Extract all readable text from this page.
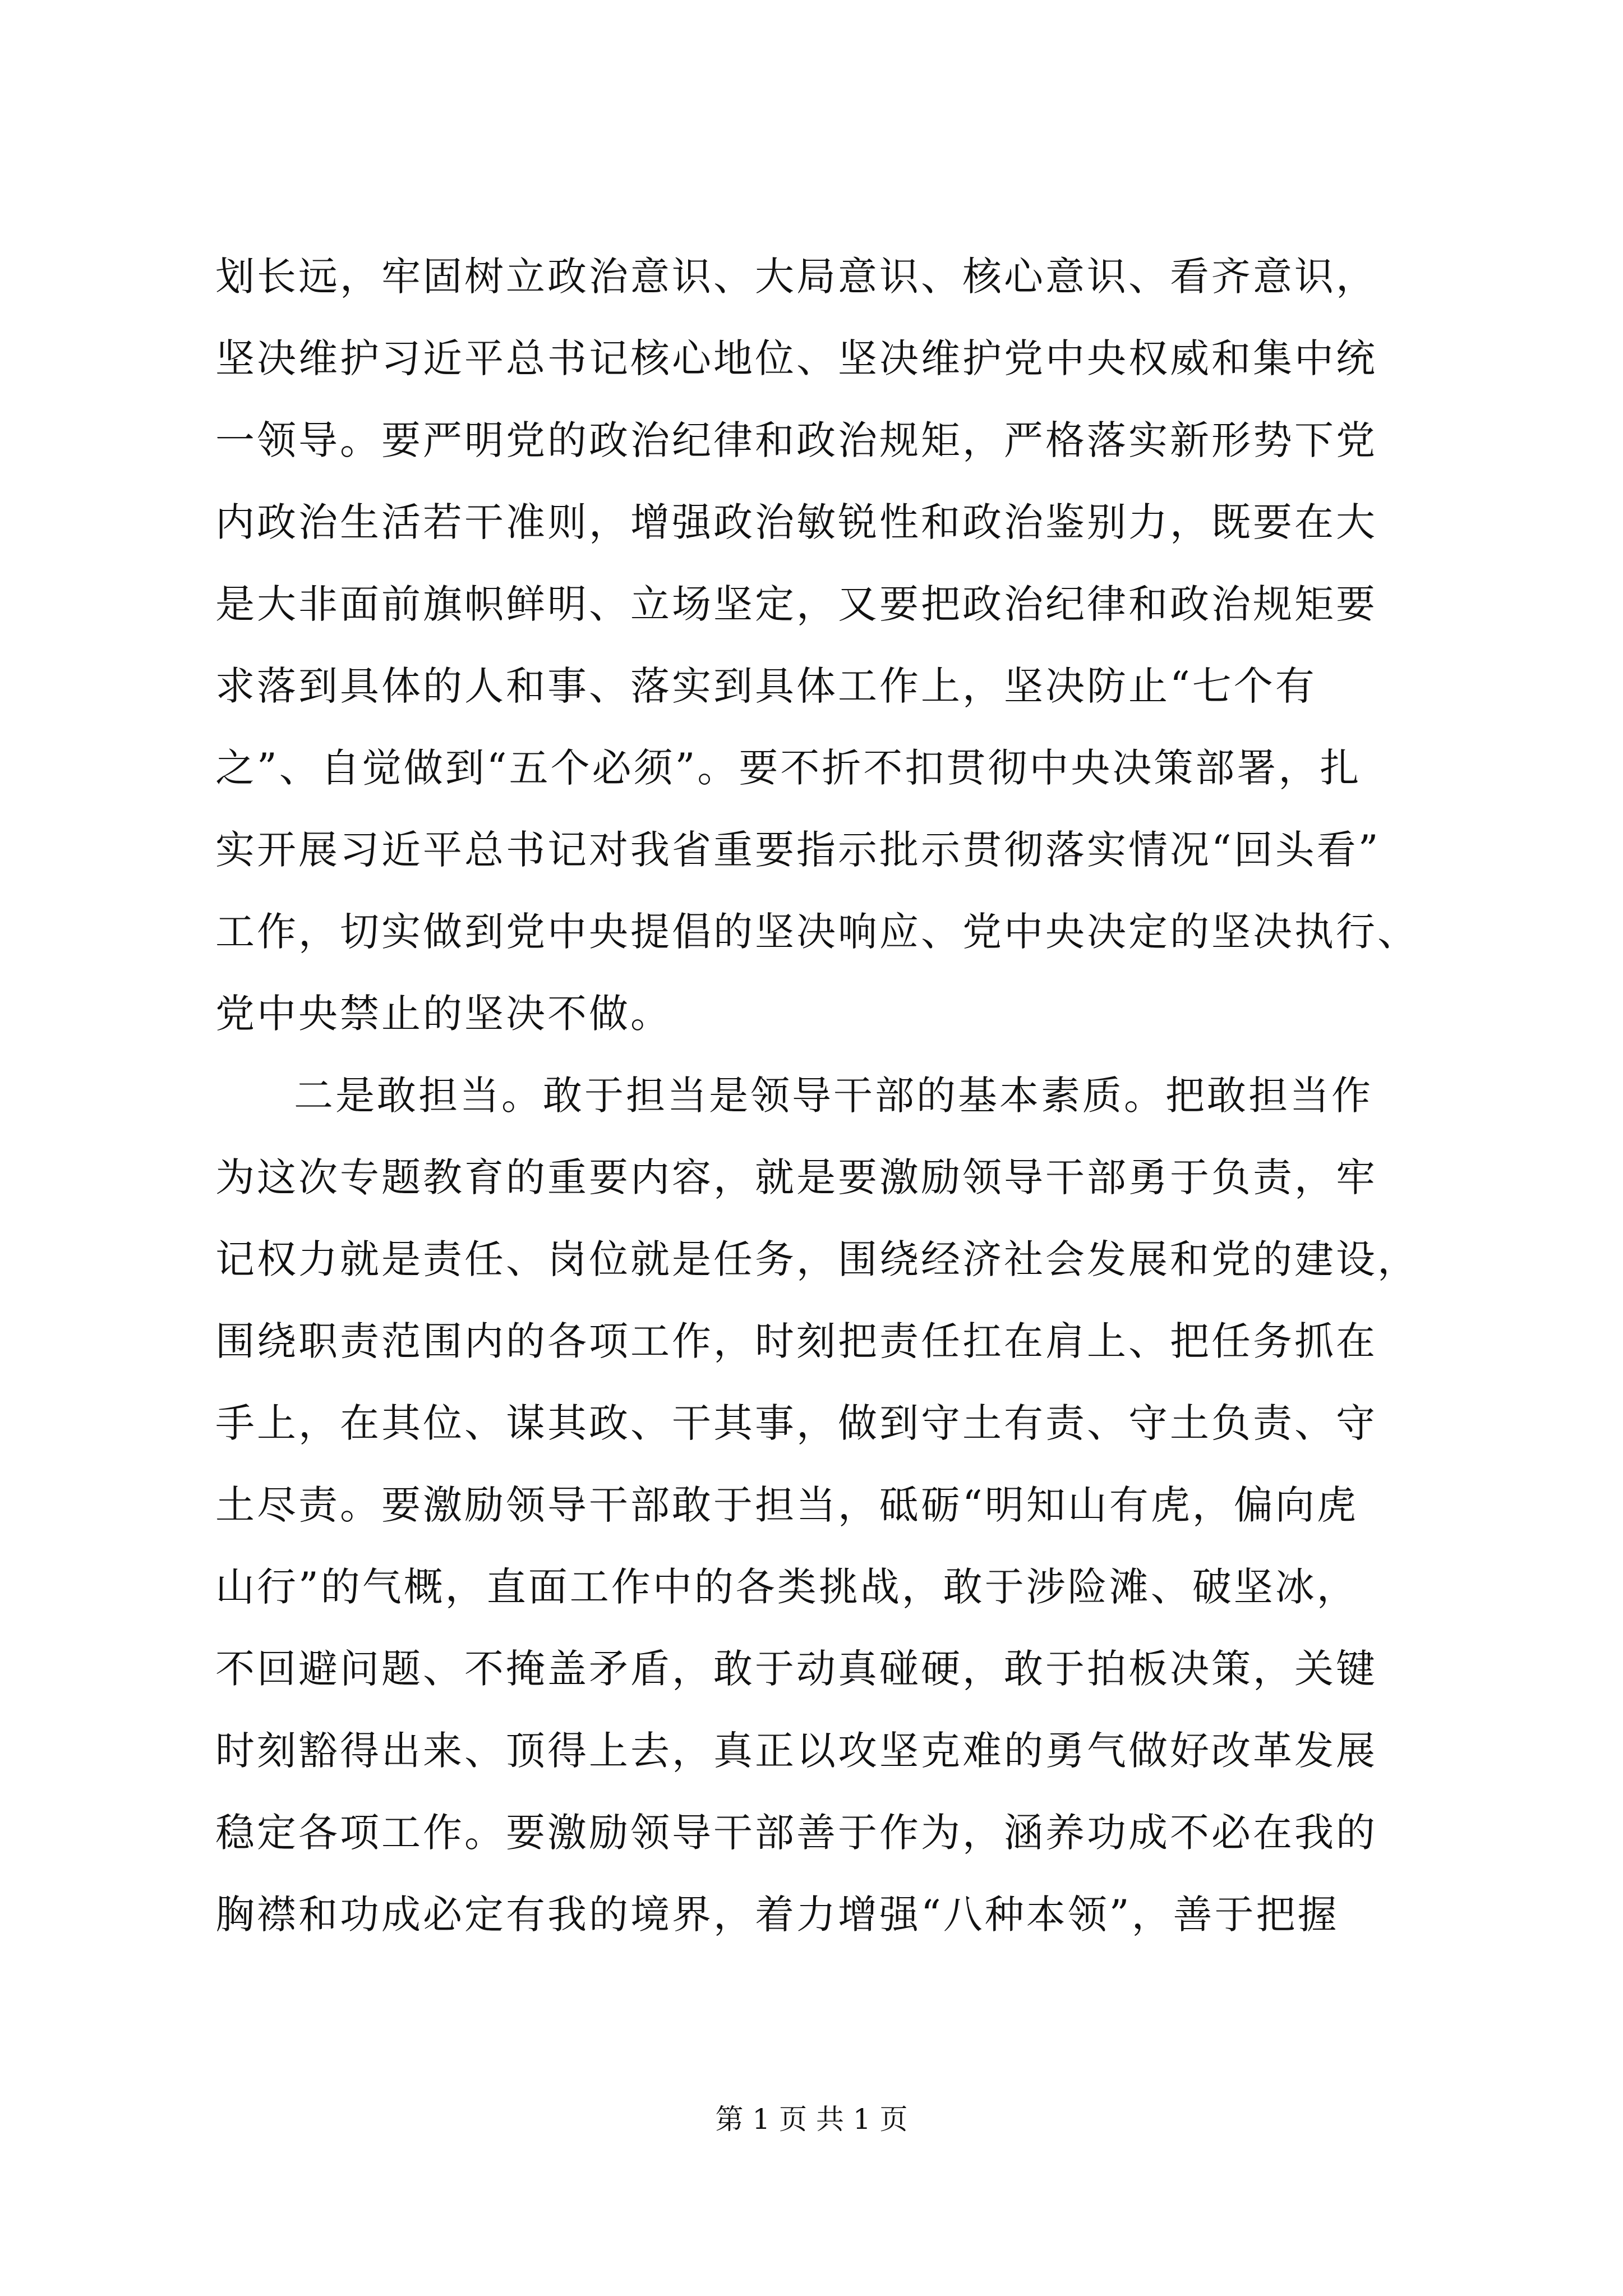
划长远，牢固树立政治意识、大局意识、核心意识、看齐意识，
坚决维护习近平总书记核心地位、坚决维护党中央权威和集中统
一领导。要严明党的政治纪律和政治规矩，严格落实新形势下党
内政治生活若干准则，增强政治敏锐性和政治鉴别力，既要在大
是大非面前旗帜鲜明、立场坚定，又要把政治纪律和政治规矩要
求落到具体的人和事、落实到具体工作上，坚决防止“七个有
之”、自觉做到“五个必须”。要不折不扣贯彻中央决策部署，扎
实开展习近平总书记对我省重要指示批示贯彻落实情况“回头看”
工作，切实做到党中央提倡的坚决响应、党中央决定的坚决执行、
党中央禁止的坚决不做。
二是敢担当。敢于担当是领导干部的基本素质。把敢担当作
为这次专题教育的重要内容，就是要激励领导干部勇于负责，牢
记权力就是责任、岗位就是任务，围绕经济社会发展和党的建设，
围绕职责范围内的各项工作，时刻把责任扛在肩上、把任务抓在
手上，在其位、谋其政、干其事，做到守土有责、守土负责、守
土尽责。要激励领导干部敢于担当，砥砺“明知山有虎，偏向虎
山行”的气概，直面工作中的各类挑战，敢于涉险滩、破坚冰，
不回避问题、不掩盖矛盾，敢于动真碰硬，敢于拍板决策，关键
时刻豁得出来、顶得上去，真正以攻坚克难的勇气做好改革发展
稳定各项工作。要激励领导干部善于作为，涵养功成不必在我的
胸襟和功成必定有我的境界，着力增强“八种本领”，善于把握
第 1 页 共 1 页
